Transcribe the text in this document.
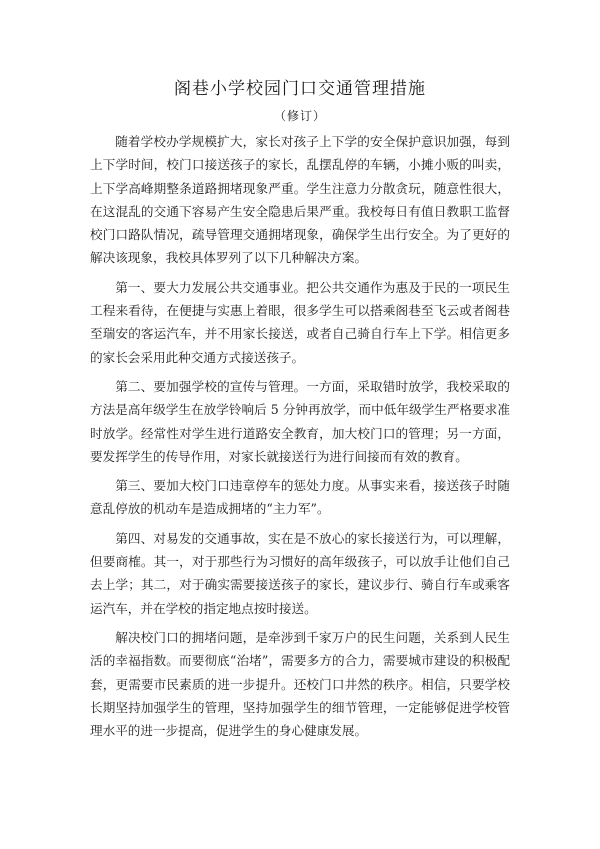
阁巷小学校园门口交通管理措施
（修订）

随着学校办学规模扩大，家长对孩子上下学的安全保护意识加强，每到上下学时间，校门口接送孩子的家长，乱摆乱停的车辆，小摊小贩的叫卖，上下学高峰期整条道路拥堵现象严重。学生注意力分散贪玩，随意性很大，在这混乱的交通下容易产生安全隐患后果严重。我校每日有值日教职工监督校门口路队情况，疏导管理交通拥堵现象，确保学生出行安全。为了更好的解决该现象，我校具体罗列了以下几种解决方案。

第一、要大力发展公共交通事业。把公共交通作为惠及于民的一项民生工程来看待，在便捷与实惠上着眼，很多学生可以搭乘阁巷至飞云或者阁巷至瑞安的客运汽车，并不用家长接送，或者自己骑自行车上下学。相信更多的家长会采用此种交通方式接送孩子。

第二、要加强学校的宣传与管理。一方面，采取错时放学，我校采取的方法是高年级学生在放学铃响后 5 分钟再放学，而中低年级学生严格要求准时放学。经常性对学生进行道路安全教育，加大校门口的管理；另一方面，要发挥学生的传导作用，对家长就接送行为进行间接而有效的教育。

第三、要加大校门口违章停车的惩处力度。从事实来看，接送孩子时随意乱停放的机动车是造成拥堵的“主力军”。

第四、对易发的交通事故，实在是不放心的家长接送行为，可以理解，但要商榷。其一，对于那些行为习惯好的高年级孩子，可以放手让他们自己去上学；其二，对于确实需要接送孩子的家长，建议步行、骑自行车或乘客运汽车，并在学校的指定地点按时接送。

解决校门口的拥堵问题，是牵涉到千家万户的民生问题，关系到人民生活的幸福指数。而要彻底“治堵”，需要多方的合力，需要城市建设的积极配套，更需要市民素质的进一步提升。还校门口井然的秩序。相信，只要学校长期坚持加强学生的管理，坚持加强学生的细节管理，一定能够促进学校管理水平的进一步提高，促进学生的身心健康发展。
